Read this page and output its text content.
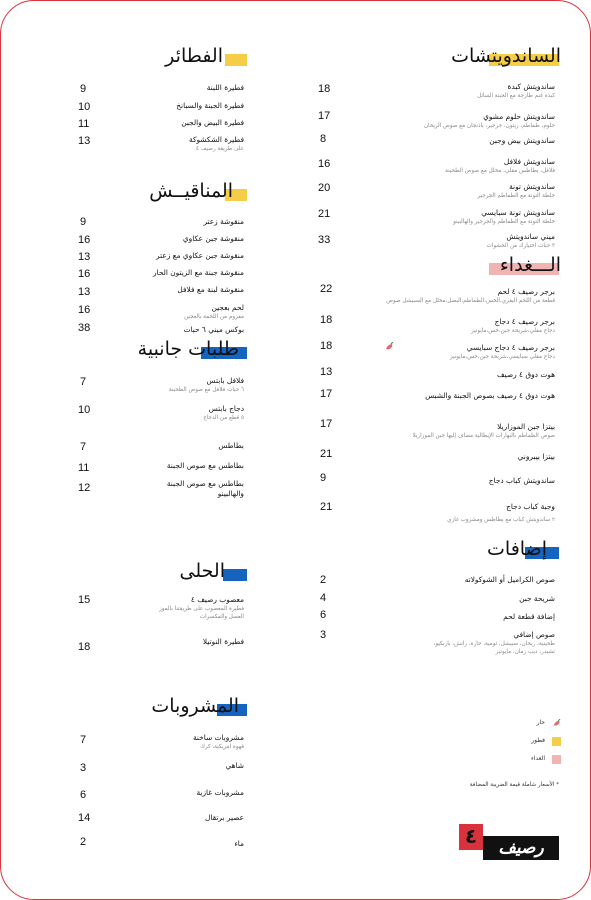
الساندويتشات
ساندويتش كبدة
كبدة غنم طازجة مع الجبنة السائل
18
ساندويتش حلوم مشوي
حلوم، طماطم، زيتون، جرجير، باذنجان مع صوص الريحان
17
ساندويتش بيض وجبن
8
ساندويتش فلافل
فلافل، بطاطس مقلي، مخلل مع صوص الطحينة
16
ساندويتش تونة
خلطة التونة مع الطماطم الجرجير
20
ساندويتش تونة سبايسي
خلطة التونة مع الطماطم والجرجير والهالبينو
21
ميني ساندويتش
٣ حبات اختيارك من الحشوات
33
الـــغداء
برجر رصيف ٤ لحم
قطعة من اللحم البقري،الخس،الطماطم،البصل،مخلل مع السبيشل صوص
22
برجر رصيف ٤ دجاج
دجاج مقلي،شريحة جبن،خس،مايونيز
18
برجر رصيف ٤ دجاج سبايسي
دجاج مقلي سبايسي،شريحة جبن،خس،مايونيز
18
هوت دوق ٤ رصيف
13
هوت دوق ٤ رصيف بصوص الجبنة والشبس
17
بيتزا جبن الموزاريلا
صوص الطماطم بالبهارات الإيطالية مضاف إليها جبن الموزاريلا
17
بيتزا بيبروني
21
ساندويتش كباب دجاج
9
وجبة كباب دجاج
٢ ساندويتش كباب مع بطاطس ومشروب غازي
21
إضافات
صوص الكراميل أو الشوكولاته
2
شريحة جبن
4
إضافة قطعة لحم
6
صوص إضافي
طحينية، ريحان، سبيشل، ثومية، حارة، رانش، باربكيو، تشيدر، ديب رمان، مايونيز
3
الفطائر
فطيرة اللبنة
9
فطيرة الجبنة والسبانخ
10
فطيرة البيض والجبن
11
فطيرة الشكشوكة
على طريقة رصيف ٤
13
المناقيــش
منقوشة زعتر
9
منقوشة جبن عكاوي
16
منقوشة جبن عكاوي مع زعتر
13
منقوشة جبنة مع الزيتون الحار
16
منقوشة لبنة مع فلافل
13
لحم بعجين
مفروم من اللحمة بالعجين
16
بوكس ميني ٦ حبات
38
طلبات جانبية
فلافل بابتس
٦ حبات فلافل مع صوص الطحينة
7
دجاج بابتس
٥ قطع من الدجاج
10
بطاطس
7
بطاطس مع صوص الجبنة
11
بطاطس مع صوص الجبنة والهالبينو
12
الحلى
معصوب رصيف ٤
فطيرة المعصوب على طريقتنا بالموز العسل والمكسرات
15
فطيرة النوتيلا
18
المشروبات
مشروبات ساخنة
قهوة امريكية، كرك
7
شاهي
3
مشروبات غازية
6
عصير برتقال
14
ماء
2
حار
فطور
الغداء
* الأسعار شاملة قيمة الضريبة المضافة
٤	رصيف
